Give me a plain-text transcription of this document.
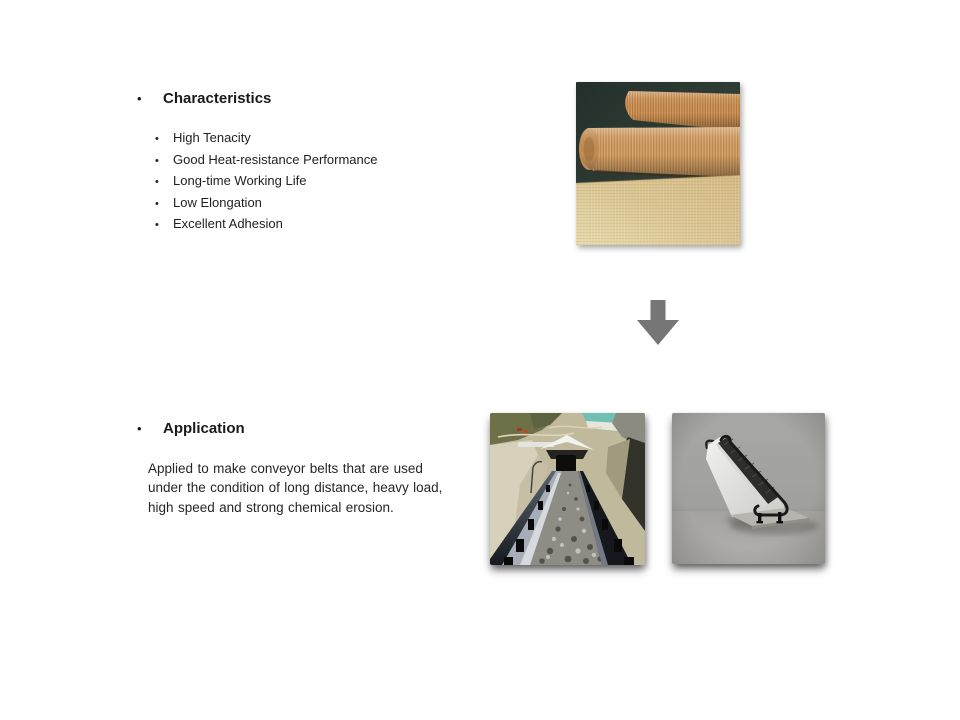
•	Characteristics
•	High Tenacity
•	Good Heat-resistance Performance
•	Long-time Working Life
•	Low Elongation
•	Excellent Adhesion
•	Application
Applied to make conveyor belts that are used under the condition of long distance, heavy load, high speed and strong chemical erosion.
